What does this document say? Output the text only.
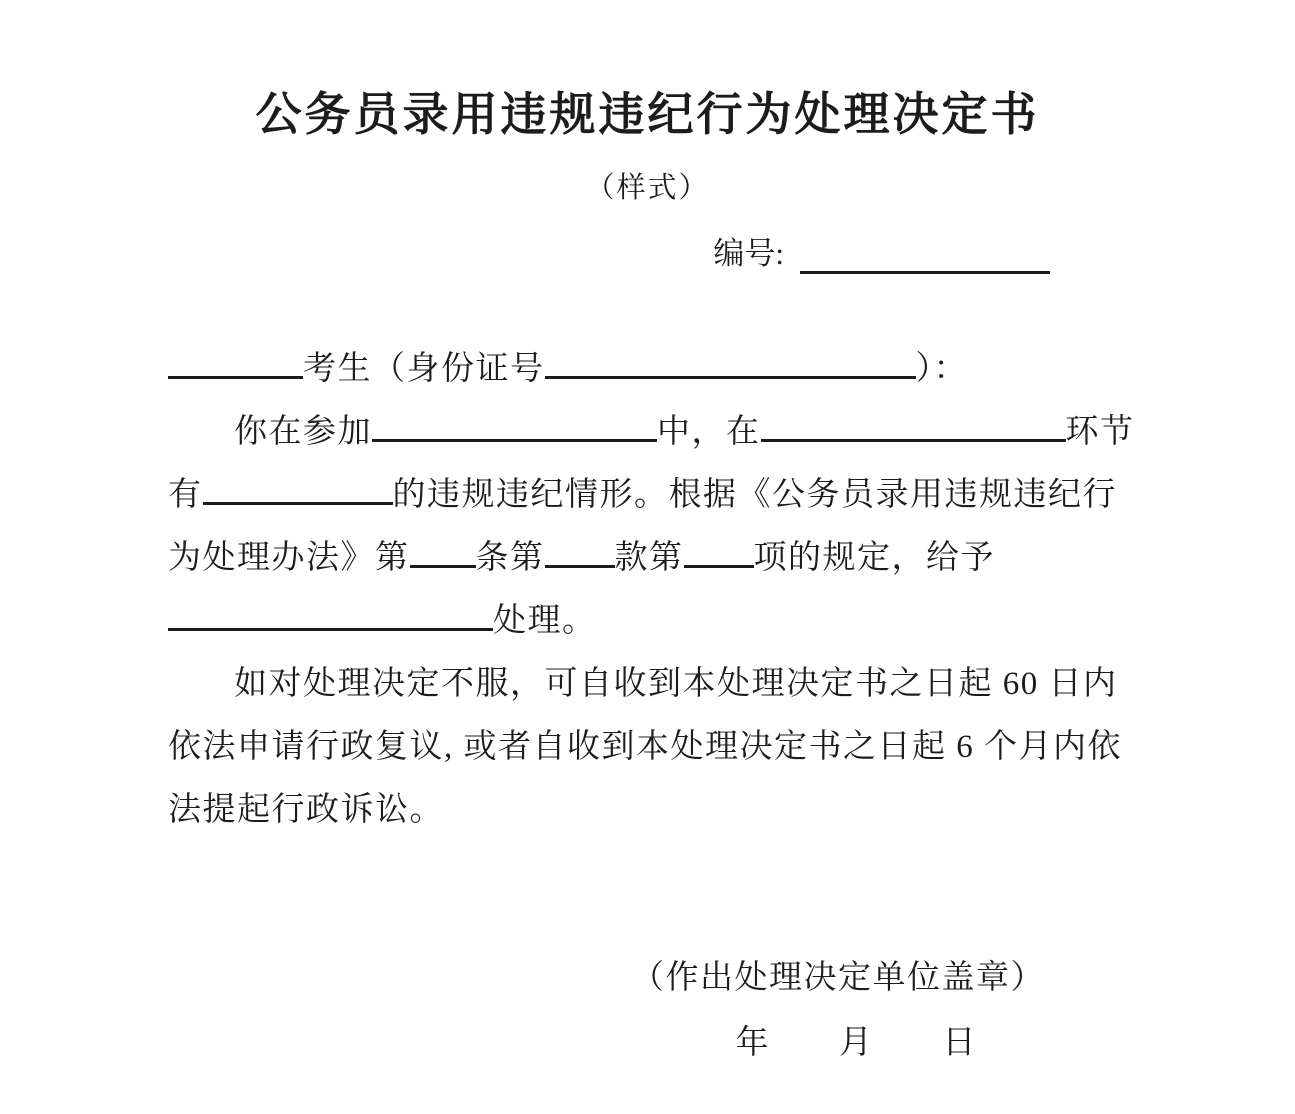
公务员录用违规违纪行为处理决定书
（样式）
编号:
考生（身份证号	）：
你在参加	中，在	环节
有	的违规违纪情形。根据《公务员录用违规违纪行
为处理办法》第 条第 款第 项的规定，给予
处理。
如对处理决定不服，可自收到本处理决定书之日起 60 日内
依法申请行政复议, 或者自收到本处理决定书之日起 6 个月内依
法提起行政诉讼。
（作出处理决定单位盖章）
年　　月　　日
